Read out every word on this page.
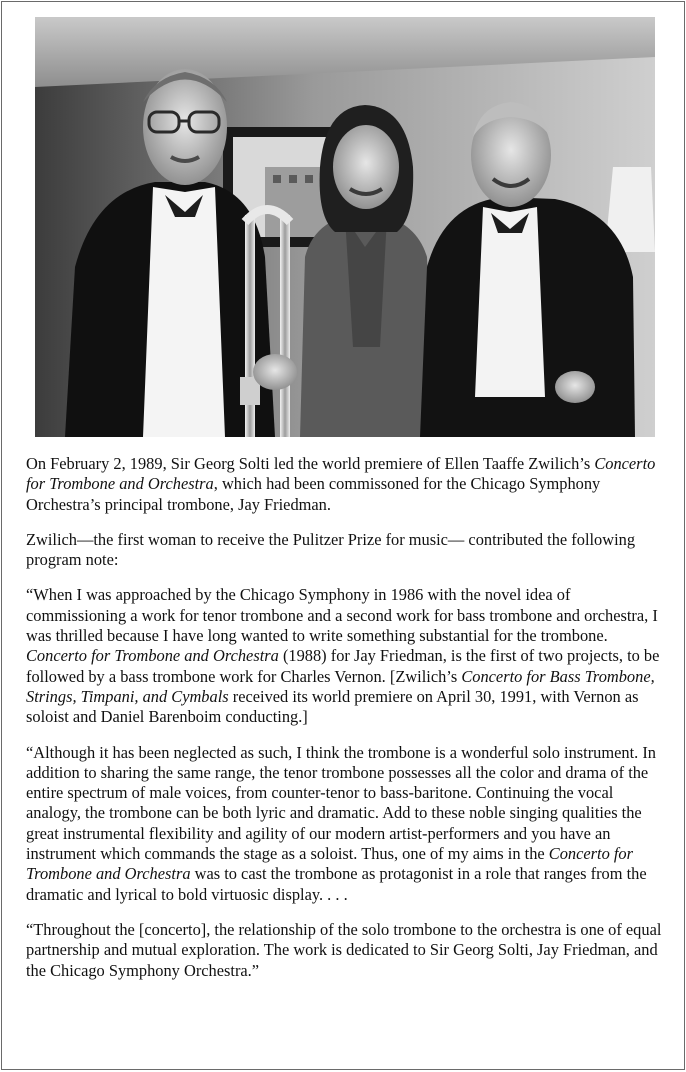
On February 2, 1989, Sir Georg Solti led the world premiere of Ellen Taaffe Zwilich’s Concerto for Trombone and Orchestra, which had been commissoned for the Chicago Symphony Orchestra’s principal trombone, Jay Friedman.

Zwilich—the first woman to receive the Pulitzer Prize for music— contributed the following program note:

“When I was approached by the Chicago Symphony in 1986 with the novel idea of commissioning a work for tenor trombone and a second work for bass trombone and orchestra, I was thrilled because I have long wanted to write something substantial for the trombone. Concerto for Trombone and Orchestra (1988) for Jay Friedman, is the first of two projects, to be followed by a bass trombone work for Charles Vernon. [Zwilich’s Concerto for Bass Trombone, Strings, Timpani, and Cymbals received its world premiere on April 30, 1991, with Vernon as soloist and Daniel Barenboim conducting.]

“Although it has been neglected as such, I think the trombone is a wonderful solo instrument. In addition to sharing the same range, the tenor trombone possesses all the color and drama of the entire spectrum of male voices, from counter-tenor to bass-baritone. Continuing the vocal analogy, the trombone can be both lyric and dramatic. Add to these noble singing qualities the great instrumental flexibility and agility of our modern artist-performers and you have an instrument which commands the stage as a soloist. Thus, one of my aims in the Concerto for Trombone and Orchestra was to cast the trombone as protagonist in a role that ranges from the dramatic and lyrical to bold virtuosic display. . . .

“Throughout the [concerto], the relationship of the solo trombone to the orchestra is one of equal partnership and mutual exploration. The work is dedicated to Sir Georg Solti, Jay Friedman, and the Chicago Symphony Orchestra.”
